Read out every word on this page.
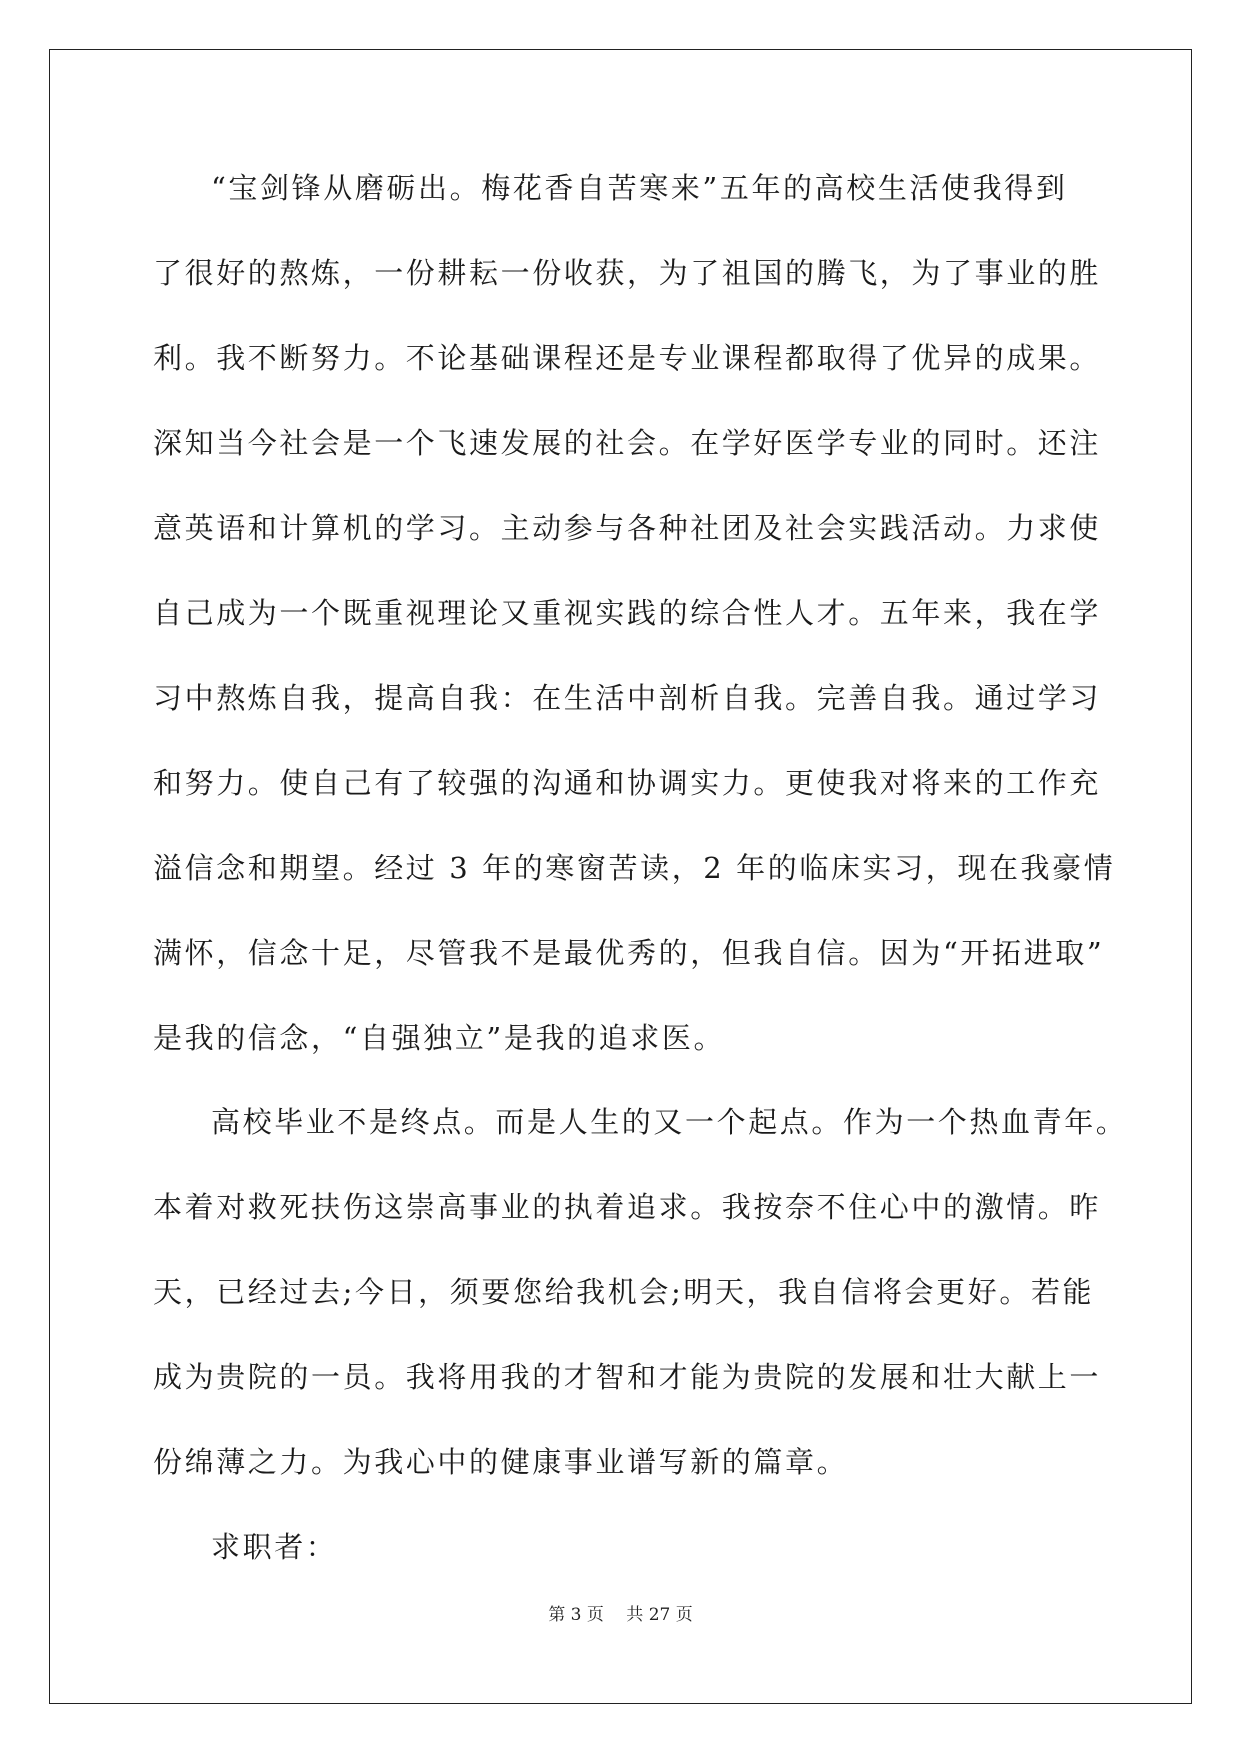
“宝剑锋从磨砺出。梅花香自苦寒来”五年的高校生活使我得到
了很好的熬炼，一份耕耘一份收获，为了祖国的腾飞，为了事业的胜
利。我不断努力。不论基础课程还是专业课程都取得了优异的成果。
深知当今社会是一个飞速发展的社会。在学好医学专业的同时。还注
意英语和计算机的学习。主动参与各种社团及社会实践活动。力求使
自己成为一个既重视理论又重视实践的综合性人才。五年来，我在学
习中熬炼自我，提高自我：在生活中剖析自我。完善自我。通过学习
和努力。使自己有了较强的沟通和协调实力。更使我对将来的工作充
溢信念和期望。经过 3 年的寒窗苦读，2 年的临床实习，现在我豪情
满怀，信念十足，尽管我不是最优秀的，但我自信。因为“开拓进取”
是我的信念，“自强独立”是我的追求医。
高校毕业不是终点。而是人生的又一个起点。作为一个热血青年。
本着对救死扶伤这崇高事业的执着追求。我按奈不住心中的激情。昨
天，已经过去;今日，须要您给我机会;明天，我自信将会更好。若能
成为贵院的一员。我将用我的才智和才能为贵院的发展和壮大献上一
份绵薄之力。为我心中的健康事业谱写新的篇章。
求职者：
第 3 页　 共 27 页
